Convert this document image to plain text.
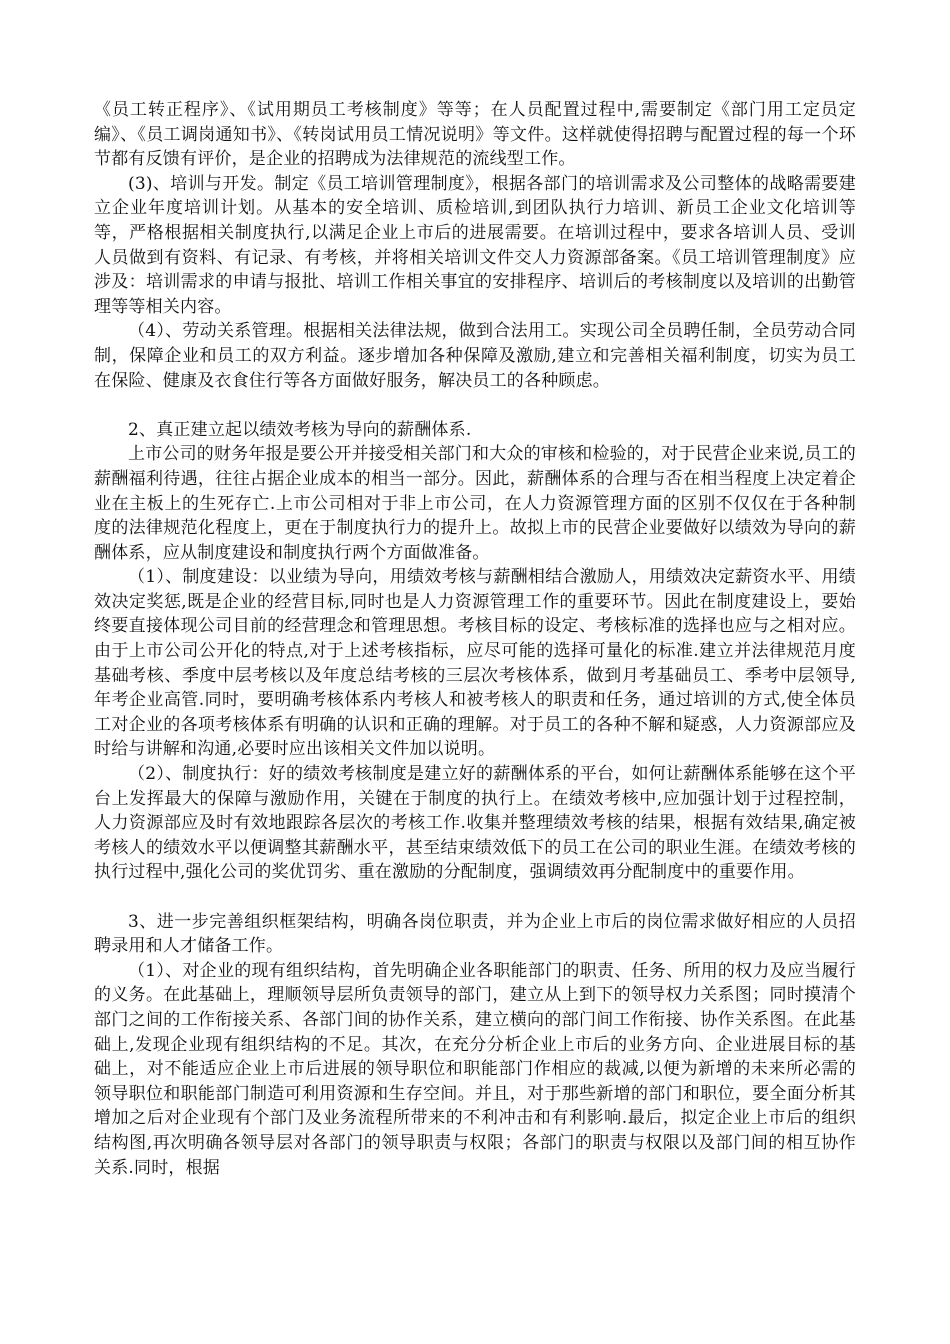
《员工转正程序》、《试用期员工考核制度》等等；在人员配置过程中,需要制定《部门用工定员定编》、《员工调岗通知书》、《转岗试用员工情况说明》等文件。这样就使得招聘与配置过程的每一个环节都有反馈有评价，是企业的招聘成为法律规范的流线型工作。

(3)、培训与开发。制定《员工培训管理制度》，根据各部门的培训需求及公司整体的战略需要建立企业年度培训计划。从基本的安全培训、质检培训,到团队执行力培训、新员工企业文化培训等等，严格根据相关制度执行,以满足企业上市后的进展需要。在培训过程中，要求各培训人员、受训人员做到有资料、有记录、有考核，并将相关培训文件交人力资源部备案。《员工培训管理制度》应涉及：培训需求的申请与报批、培训工作相关事宜的安排程序、培训后的考核制度以及培训的出勤管理等等相关内容。

（4）、劳动关系管理。根据相关法律法规，做到合法用工。实现公司全员聘任制，全员劳动合同制，保障企业和员工的双方利益。逐步增加各种保障及激励,建立和完善相关福利制度，切实为员工在保险、健康及衣食住行等各方面做好服务，解决员工的各种顾虑。

2、真正建立起以绩效考核为导向的薪酬体系.

上市公司的财务年报是要公开并接受相关部门和大众的审核和检验的，对于民营企业来说,员工的薪酬福利待遇，往往占据企业成本的相当一部分。因此，薪酬体系的合理与否在相当程度上决定着企业在主板上的生死存亡.上市公司相对于非上市公司，在人力资源管理方面的区别不仅仅在于各种制度的法律规范化程度上，更在于制度执行力的提升上。故拟上市的民营企业要做好以绩效为导向的薪酬体系，应从制度建设和制度执行两个方面做准备。

（1）、制度建设：以业绩为导向，用绩效考核与薪酬相结合激励人，用绩效决定薪资水平、用绩效决定奖惩,既是企业的经营目标,同时也是人力资源管理工作的重要环节。因此在制度建设上，要始终要直接体现公司目前的经营理念和管理思想。考核目标的设定、考核标准的选择也应与之相对应。由于上市公司公开化的特点,对于上述考核指标，应尽可能的选择可量化的标准.建立并法律规范月度基础考核、季度中层考核以及年度总结考核的三层次考核体系，做到月考基础员工、季考中层领导,年考企业高管.同时，要明确考核体系内考核人和被考核人的职责和任务，通过培训的方式,使全体员工对企业的各项考核体系有明确的认识和正确的理解。对于员工的各种不解和疑惑，人力资源部应及时给与讲解和沟通,必要时应出该相关文件加以说明。

（2）、制度执行：好的绩效考核制度是建立好的薪酬体系的平台，如何让薪酬体系能够在这个平台上发挥最大的保障与激励作用，关键在于制度的执行上。在绩效考核中,应加强计划于过程控制，人力资源部应及时有效地跟踪各层次的考核工作.收集并整理绩效考核的结果，根据有效结果,确定被考核人的绩效水平以便调整其薪酬水平，甚至结束绩效低下的员工在公司的职业生涯。在绩效考核的执行过程中,强化公司的奖优罚劣、重在激励的分配制度，强调绩效再分配制度中的重要作用。

3、进一步完善组织框架结构，明确各岗位职责，并为企业上市后的岗位需求做好相应的人员招聘录用和人才储备工作。

（1）、对企业的现有组织结构，首先明确企业各职能部门的职责、任务、所用的权力及应当履行的义务。在此基础上，理顺领导层所负责领导的部门，建立从上到下的领导权力关系图；同时摸清个部门之间的工作衔接关系、各部门间的协作关系，建立横向的部门间工作衔接、协作关系图。在此基础上,发现企业现有组织结构的不足。其次，在充分分析企业上市后的业务方向、企业进展目标的基础上，对不能适应企业上市后进展的领导职位和职能部门作相应的裁减,以便为新增的未来所必需的领导职位和职能部门制造可利用资源和生存空间。并且，对于那些新增的部门和职位，要全面分析其增加之后对企业现有个部门及业务流程所带来的不利冲击和有利影响.最后，拟定企业上市后的组织结构图,再次明确各领导层对各部门的领导职责与权限；各部门的职责与权限以及部门间的相互协作关系.同时，根据
